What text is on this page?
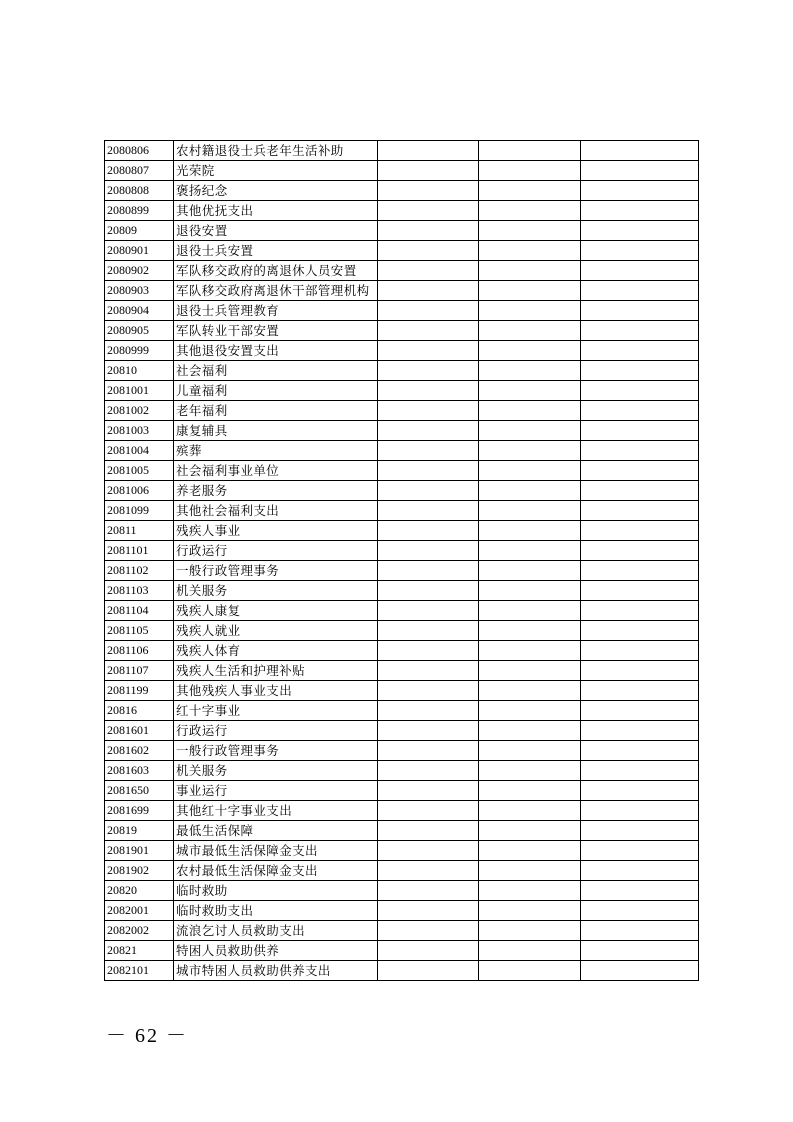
2080806	农村籍退役士兵老年生活补助			
2080807	光荣院			
2080808	褒扬纪念			
2080899	其他优抚支出			
20809	退役安置			
2080901	退役士兵安置			
2080902	军队移交政府的离退休人员安置			
2080903	军队移交政府离退休干部管理机构			
2080904	退役士兵管理教育			
2080905	军队转业干部安置			
2080999	其他退役安置支出			
20810	社会福利			
2081001	儿童福利			
2081002	老年福利			
2081003	康复辅具			
2081004	殡葬			
2081005	社会福利事业单位			
2081006	养老服务			
2081099	其他社会福利支出			
20811	残疾人事业			
2081101	行政运行			
2081102	一般行政管理事务			
2081103	机关服务			
2081104	残疾人康复			
2081105	残疾人就业			
2081106	残疾人体育			
2081107	残疾人生活和护理补贴			
2081199	其他残疾人事业支出			
20816	红十字事业			
2081601	行政运行			
2081602	一般行政管理事务			
2081603	机关服务			
2081650	事业运行			
2081699	其他红十字事业支出			
20819	最低生活保障			
2081901	城市最低生活保障金支出			
2081902	农村最低生活保障金支出			
20820	临时救助			
2082001	临时救助支出			
2082002	流浪乞讨人员救助支出			
20821	特困人员救助供养			
2082101	城市特困人员救助供养支出			
－ 62 －
